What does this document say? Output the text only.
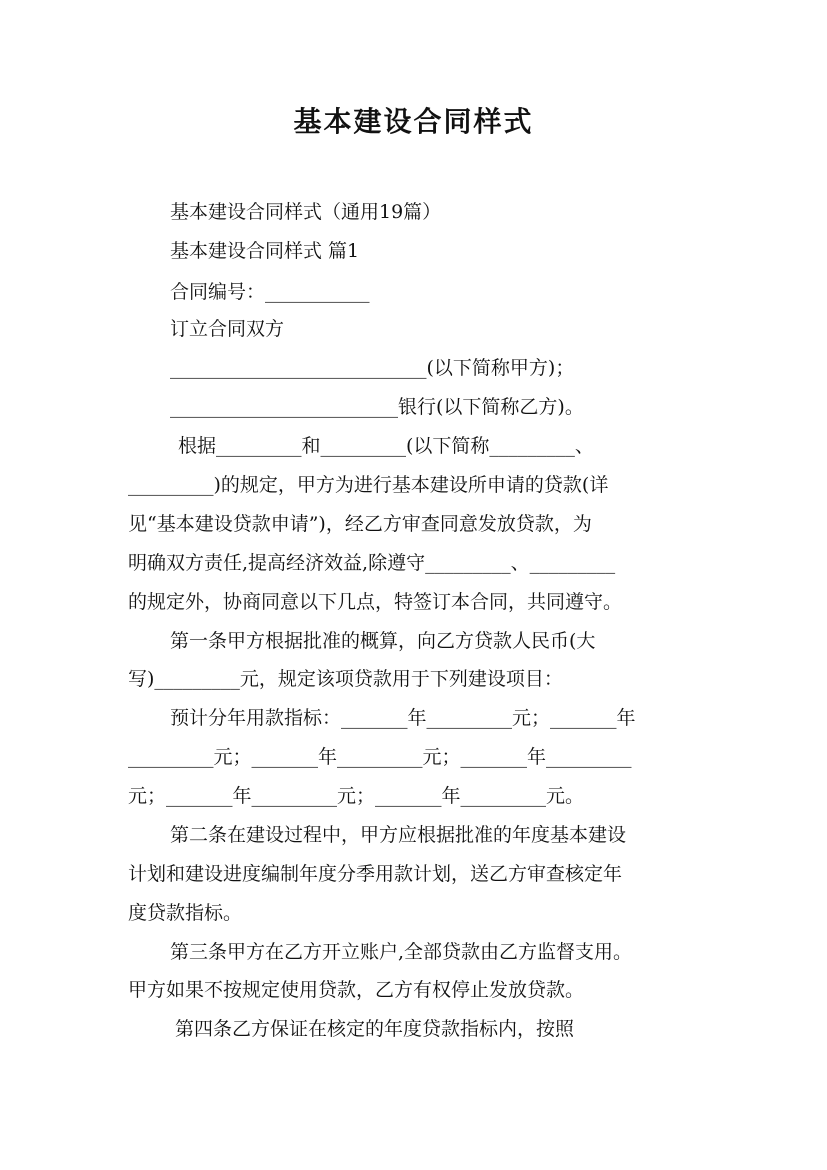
基本建设合同样式
基本建设合同样式（通用19篇）
基本建设合同样式 篇1
合同编号：___________
订立合同双方
___________________________(以下简称甲方)；
________________________银行(以下简称乙方)。
根据_________和_________(以下简称_________、
_________)的规定，甲方为进行基本建设所申请的贷款(详
见“基本建设贷款申请”)，经乙方审查同意发放贷款，为
明确双方责任,提高经济效益,除遵守_________、_________
的规定外，协商同意以下几点，特签订本合同，共同遵守。
第一条甲方根据批准的概算，向乙方贷款人民币(大
写)_________元，规定该项贷款用于下列建设项目：
预计分年用款指标：_______年_________元；_______年
_________元；_______年_________元；_______年_________
元；_______年_________元；_______年_________元。
第二条在建设过程中，甲方应根据批准的年度基本建设
计划和建设进度编制年度分季用款计划，送乙方审查核定年
度贷款指标。
第三条甲方在乙方开立账户,全部贷款由乙方监督支用。
甲方如果不按规定使用贷款，乙方有权停止发放贷款。
第四条乙方保证在核定的年度贷款指标内，按照
